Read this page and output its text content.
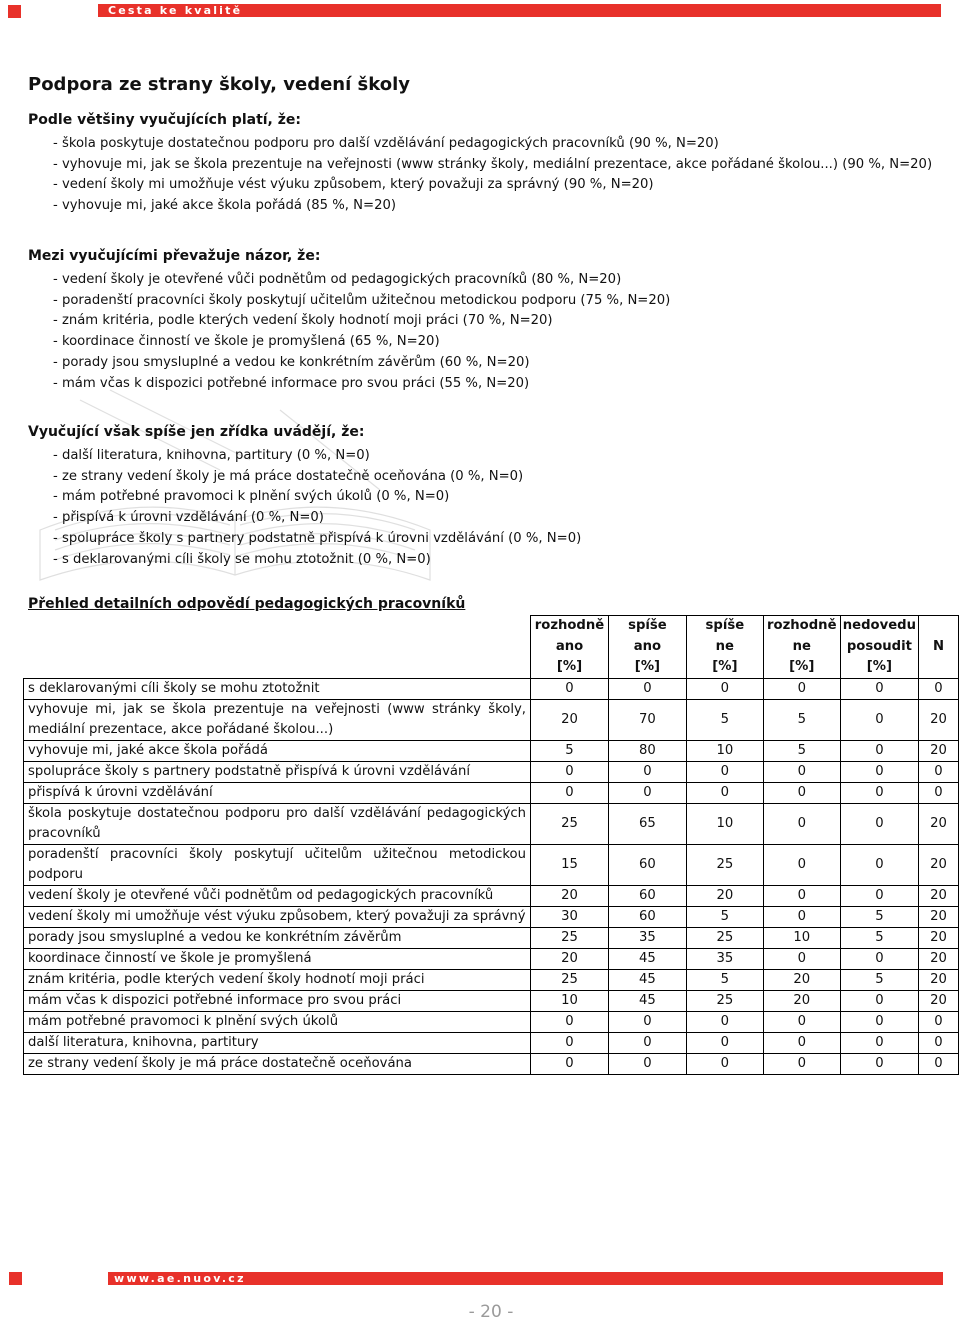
Cesta ke kvalitě
Podpora ze strany školy, vedení školy
Podle většiny vyučujících platí, že:
- škola poskytuje dostatečnou podporu pro další vzdělávání pedagogických pracovníků (90 %, N=20)
- vyhovuje mi, jak se škola prezentuje na veřejnosti (www stránky školy, mediální prezentace, akce pořádané školou...) (90 %, N=20)
- vedení školy mi umožňuje vést výuku způsobem, který považuji za správný (90 %, N=20)
- vyhovuje mi, jaké akce škola pořádá (85 %, N=20)
Mezi vyučujícími převažuje názor, že:
- vedení školy je otevřené vůči podnětům od pedagogických pracovníků (80 %, N=20)
- poradenští pracovníci školy poskytují učitelům užitečnou metodickou podporu (75 %, N=20)
- znám kritéria, podle kterých vedení školy hodnotí moji práci (70 %, N=20)
- koordinace činností ve škole je promyšlená (65 %, N=20)
- porady jsou smysluplné a vedou ke konkrétním závěrům (60 %, N=20)
- mám včas k dispozici potřebné informace pro svou práci (55 %, N=20)
Vyučující však spíše jen zřídka uvádějí, že:
- další literatura, knihovna, partitury (0 %, N=0)
- ze strany vedení školy je má práce dostatečně oceňována (0 %, N=0)
- mám potřebné pravomoci k plnění svých úkolů (0 %, N=0)
- přispívá k úrovni vzdělávání (0 %, N=0)
- spolupráce školy s partnery podstatně přispívá k úrovni vzdělávání (0 %, N=0)
- s deklarovanými cíli školy se mohu ztotožnit (0 %, N=0)
Přehled detailních odpovědí pedagogických pracovníků
	rozhodně
ano
[%]	spíše
ano
[%]	spíše
ne
[%]	rozhodně
ne
[%]	nedovedu
posoudit
[%]	N
s deklarovanými cíli školy se mohu ztotožnit	0	0	0	0	0	0
vyhovuje mi, jak se škola prezentuje na veřejnosti (www stránky školy, mediální prezentace, akce pořádané školou...)	20	70	5	5	0	20
vyhovuje mi, jaké akce škola pořádá	5	80	10	5	0	20
spolupráce školy s partnery podstatně přispívá k úrovni vzdělávání	0	0	0	0	0	0
přispívá k úrovni vzdělávání	0	0	0	0	0	0
škola poskytuje dostatečnou podporu pro další vzdělávání pedagogických pracovníků	25	65	10	0	0	20
poradenští pracovníci školy poskytují učitelům užitečnou metodickou podporu	15	60	25	0	0	20
vedení školy je otevřené vůči podnětům od pedagogických pracovníků	20	60	20	0	0	20
vedení školy mi umožňuje vést výuku způsobem, který považuji za správný	30	60	5	0	5	20
porady jsou smysluplné a vedou ke konkrétním závěrům	25	35	25	10	5	20
koordinace činností ve škole je promyšlená	20	45	35	0	0	20
znám kritéria, podle kterých vedení školy hodnotí moji práci	25	45	5	20	5	20
mám včas k dispozici potřebné informace pro svou práci	10	45	25	20	0	20
mám potřebné pravomoci k plnění svých úkolů	0	0	0	0	0	0
další literatura, knihovna, partitury	0	0	0	0	0	0
ze strany vedení školy je má práce dostatečně oceňována	0	0	0	0	0	0
- 20 -
www.ae.nuov.cz
